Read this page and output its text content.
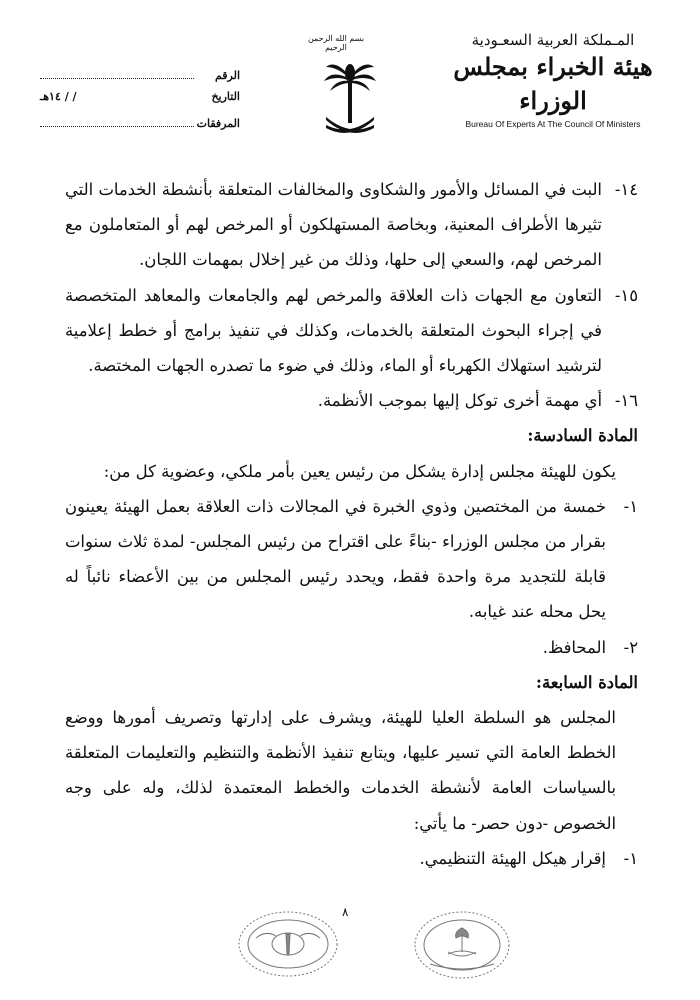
المـملكة العربية السعـودية
هيئة الخبراء بمجلس الوزراء
Bureau Of Experts At The Council Of Ministers
بسم الله الرحمن الرحيم
الرقم
التاريخ
/ / ١٤هـ
المرفقات
١٤-
البت في المسائل والأمور والشكاوى والمخالفات المتعلقة بأنشطة الخدمات التي تثيرها الأطراف المعنية، وبخاصة المستهلكون أو المرخص لهم أو المتعاملون مع المرخص لهم، والسعي إلى حلها، وذلك من غير إخلال بمهمات اللجان.
١٥-
التعاون مع الجهات ذات العلاقة والمرخص لهم والجامعات والمعاهد المتخصصة في إجراء البحوث المتعلقة بالخدمات، وكذلك في تنفيذ برامج أو خطط إعلامية لترشيد استهلاك الكهرباء أو الماء، وذلك في ضوء ما تصدره الجهات المختصة.
١٦-
أي مهمة أخرى توكل إليها بموجب الأنظمة.
المادة السادسة:
يكون للهيئة مجلس إدارة يشكل من رئيس يعين بأمر ملكي، وعضوية كل من:
١-
خمسة من المختصين وذوي الخبرة في المجالات ذات العلاقة بعمل الهيئة يعينون بقرار من مجلس الوزراء -بناءً على اقتراح من رئيس المجلس- لمدة ثلاث سنوات قابلة للتجديد مرة واحدة فقط، ويحدد رئيس المجلس من بين الأعضاء نائباً له يحل محله عند غيابه.
٢-
المحافظ.
المادة السابعة:
المجلس هو السلطة العليا للهيئة، ويشرف على إدارتها وتصريف أمورها ووضع الخطط العامة التي تسير عليها، ويتابع تنفيذ الأنظمة والتنظيم والتعليمات المتعلقة بالسياسات العامة لأنشطة الخدمات والخطط المعتمدة لذلك، وله على وجه الخصوص -دون حصر- ما يأتي:
١-
إقرار هيكل الهيئة التنظيمي.
٨
